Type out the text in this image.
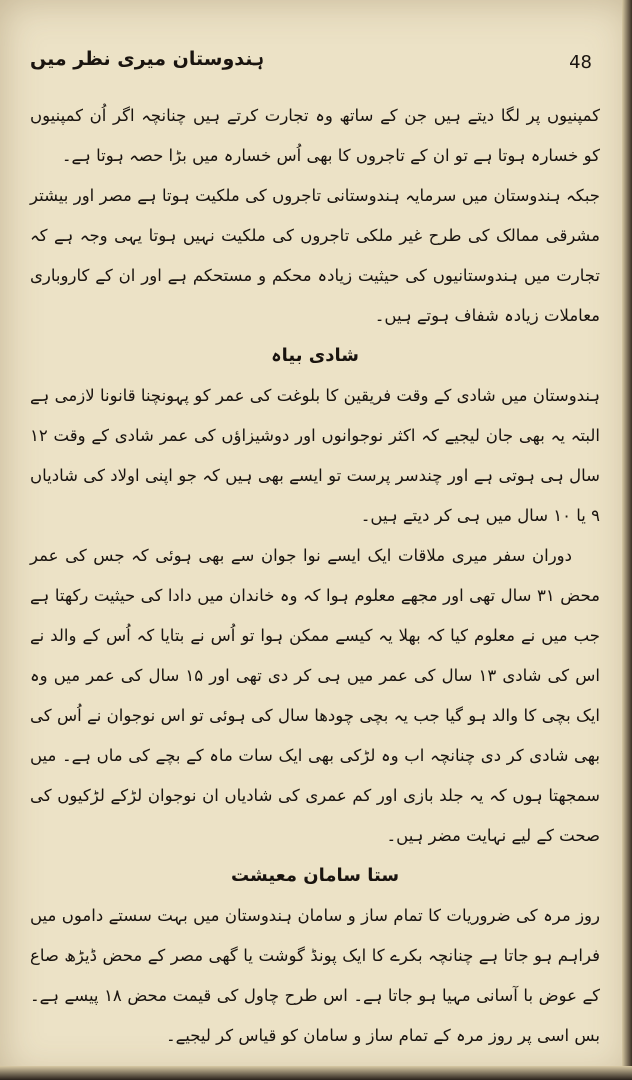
ہندوستان میری نظر میں	48

کمپنیوں پر لگا دیتے ہیں جن کے ساتھ وہ تجارت کرتے ہیں چنانچہ اگر اُن کمپنیوں کو خسارہ ہوتا ہے تو ان کے تاجروں کا بھی اُس خسارہ میں بڑا حصہ ہوتا ہے۔

جبکہ ہندوستان میں سرمایہ ہندوستانی تاجروں کی ملکیت ہوتا ہے مصر اور بیشتر مشرقی ممالک کی طرح غیر ملکی تاجروں کی ملکیت نہیں ہوتا یہی وجہ ہے کہ تجارت میں ہندوستانیوں کی حیثیت زیادہ محکم و مستحکم ہے اور ان کے کاروباری معاملات زیادہ شفاف ہوتے ہیں۔

شادی بیاہ

ہندوستان میں شادی کے وقت فریقین کا بلوغت کی عمر کو پہونچنا قانونا لازمی ہے البتہ یہ بھی جان لیجیے کہ اکثر نوجوانوں اور دوشیزاؤں کی عمر شادی کے وقت ۱۲ سال ہی ہوتی ہے اور چندسر پرست تو ایسے بھی ہیں کہ جو اپنی اولاد کی شادیاں ۹ یا ۱۰ سال میں ہی کر دیتے ہیں۔

دوران سفر میری ملاقات ایک ایسے نوا جوان سے بھی ہوئی کہ جس کی عمر محض ۳۱ سال تھی اور مجھے معلوم ہوا کہ وہ خاندان میں دادا کی حیثیت رکھتا ہے جب میں نے معلوم کیا کہ بھلا یہ کیسے ممکن ہوا تو اُس نے بتایا کہ اُس کے والد نے اس کی شادی ۱۳ سال کی عمر میں ہی کر دی تھی اور ۱۵ سال کی عمر میں وہ ایک بچی کا والد ہو گیا جب یہ بچی چودھا سال کی ہوئی تو اس نوجوان نے اُس کی بھی شادی کر دی چنانچہ اب وہ لڑکی بھی ایک سات ماہ کے بچے کی ماں ہے۔ میں سمجھتا ہوں کہ یہ جلد بازی اور کم عمری کی شادیاں ان نوجوان لڑکے لڑکیوں کی صحت کے لیے نہایت مضر ہیں۔

ستا سامان معیشت

روز مرہ کی ضروریات کا تمام ساز و سامان ہندوستان میں بہت سستے داموں میں فراہم ہو جاتا ہے چنانچہ بکرے کا ایک پونڈ گوشت یا گھی مصر کے محض ڈیڑھ صاع کے عوض با آسانی مہیا ہو جاتا ہے۔ اس طرح چاول کی قیمت محض ۱۸ پیسے ہے۔ بس اسی پر روز مرہ کے تمام ساز و سامان کو قیاس کر لیجیے۔
